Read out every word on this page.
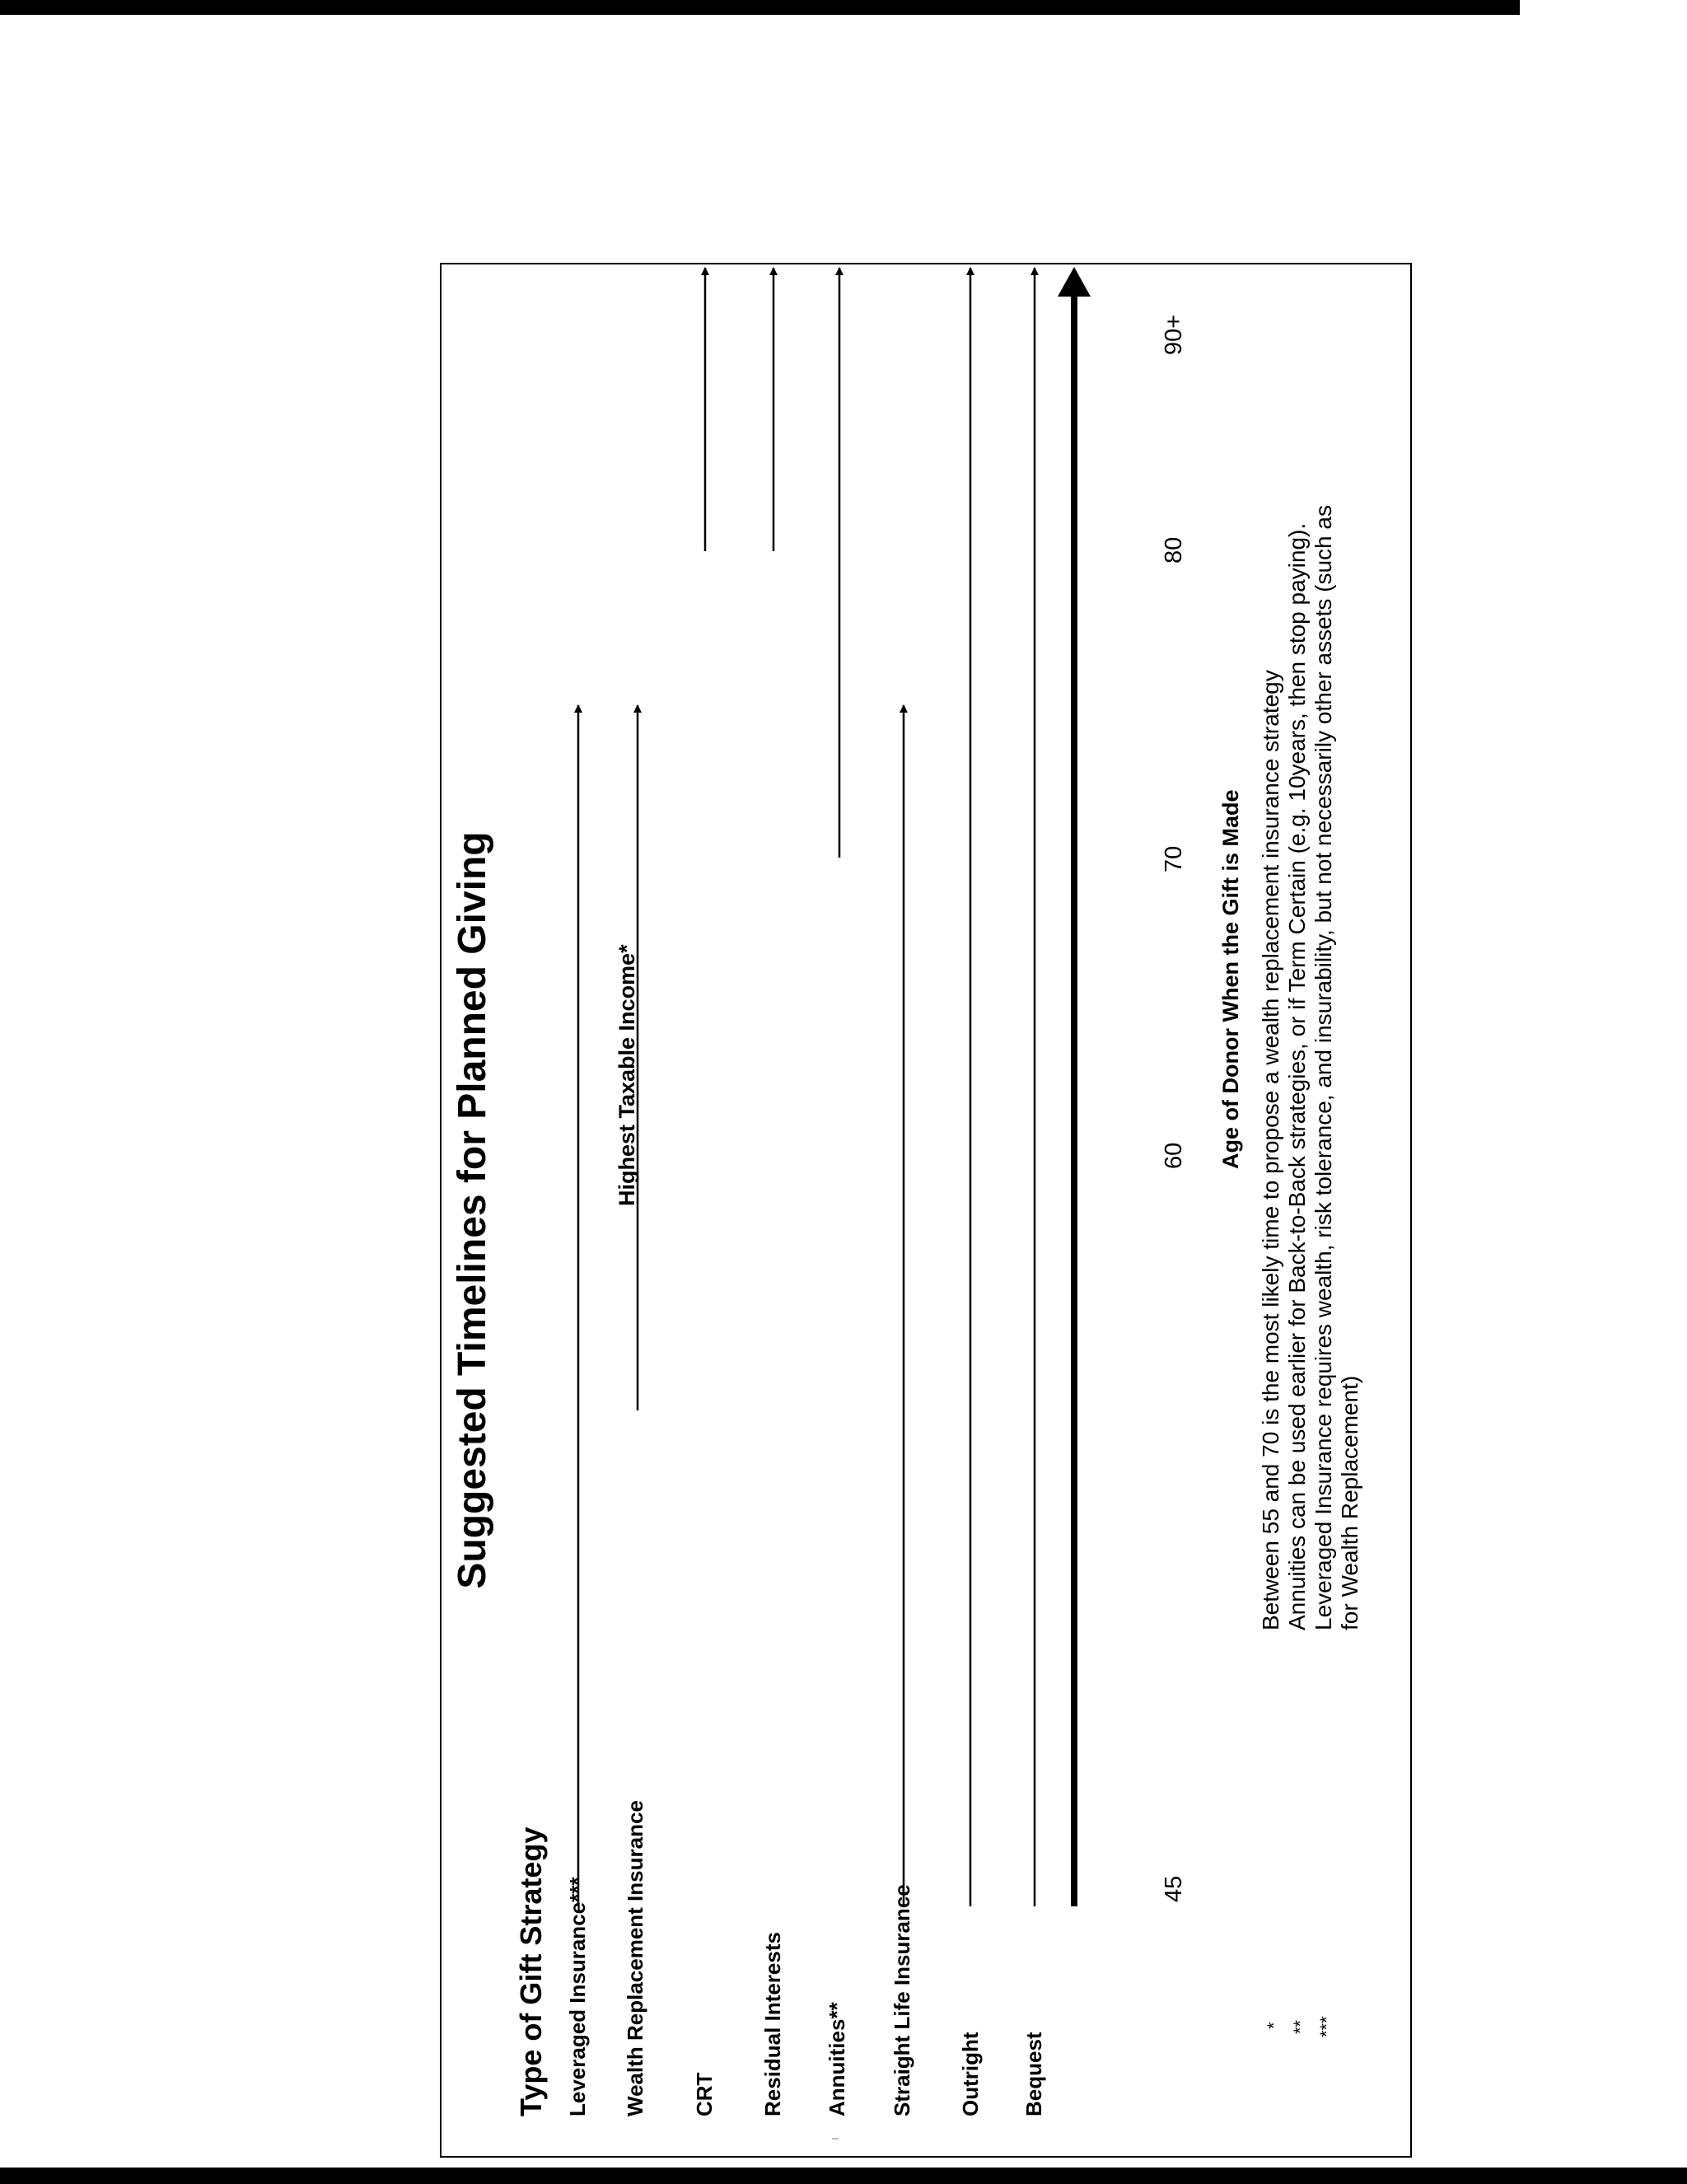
Suggested Timelines for Planned Giving
Type of Gift Strategy Leveraged Insurance*** Wealth Replacement Insurance CRT Residual Interests Annuities** Straight Life Insurance Outright Bequest
Highest Taxable Income*
45
60
70
80
90+
Age of Donor When the Gift is Made
* ** ***
Between 55 and 70 is the most likely time to propose a wealth replacement insurance strategy Annuities can be used earlier for Back-to-Back strategies, or if Term Certain (e.g. 10years, then stop paying). Leveraged Insurance requires wealth, risk tolerance, and insurability, but not necessarily other assets (such as for Wealth Replacement)
